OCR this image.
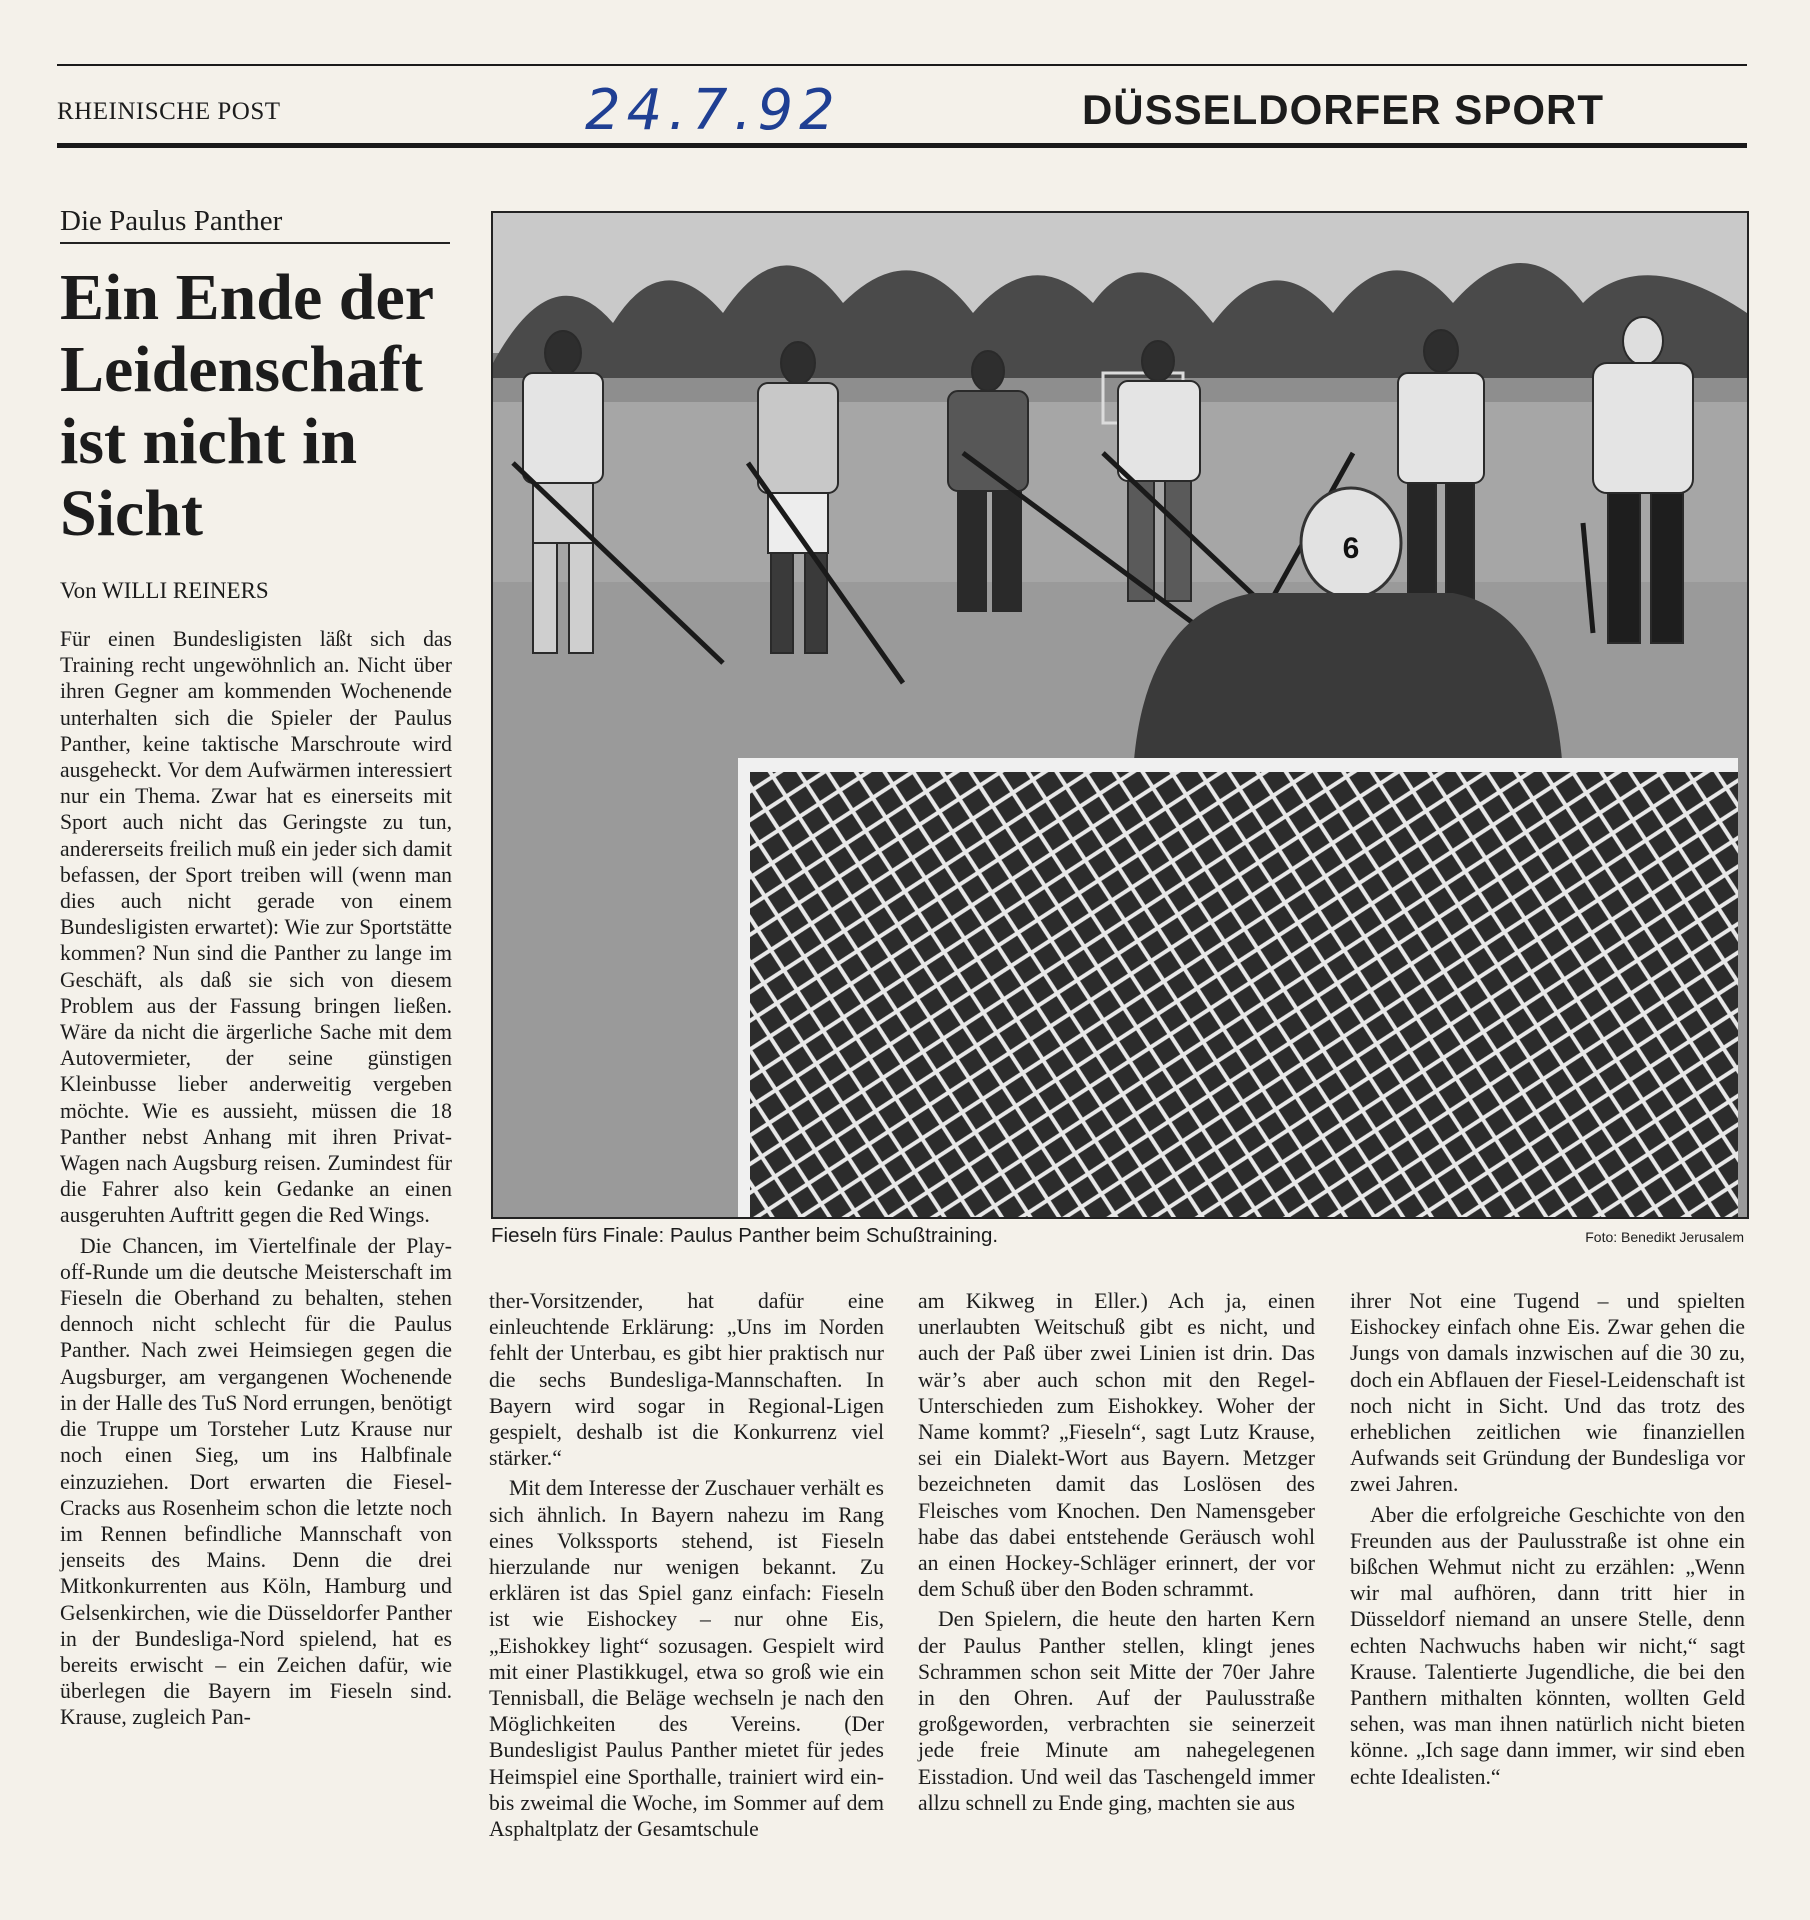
RHEINISCHE POST	24.7.92	DÜSSELDORFER SPORT
Die Paulus Panther
Ein Ende der Leidenschaft ist nicht in Sicht
Von WILLI REINERS

Für einen Bundesligisten läßt sich das Training recht ungewöhnlich an. Nicht über ihren Gegner am kommenden Wochenende unterhalten sich die Spieler der Paulus Panther, keine taktische Marschroute wird ausgeheckt. Vor dem Aufwärmen interessiert nur ein Thema. Zwar hat es einerseits mit Sport auch nicht das Geringste zu tun, andererseits freilich muß ein jeder sich damit befassen, der Sport treiben will (wenn man dies auch nicht gerade von einem Bundesligisten erwartet): Wie zur Sportstätte kommen? Nun sind die Panther zu lange im Geschäft, als daß sie sich von diesem Problem aus der Fassung bringen ließen. Wäre da nicht die ärgerliche Sache mit dem Autovermieter, der seine günstigen Kleinbusse lieber anderweitig vergeben möchte. Wie es aussieht, müssen die 18 Panther nebst Anhang mit ihren Privat-Wagen nach Augsburg reisen. Zumindest für die Fahrer also kein Gedanke an einen ausgeruhten Auftritt gegen die Red Wings.

Die Chancen, im Viertelfinale der Play-off-Runde um die deutsche Meisterschaft im Fieseln die Oberhand zu behalten, stehen dennoch nicht schlecht für die Paulus Panther. Nach zwei Heimsiegen gegen die Augsburger, am vergangenen Wochenende in der Halle des TuS Nord errungen, benötigt die Truppe um Torsteher Lutz Krause nur noch einen Sieg, um ins Halbfinale einzuziehen. Dort erwarten die Fiesel-Cracks aus Rosenheim schon die letzte noch im Rennen befindliche Mannschaft von jenseits des Mains. Denn die drei Mitkonkurrenten aus Köln, Hamburg und Gelsenkirchen, wie die Düsseldorfer Panther in der Bundesliga-Nord spielend, hat es bereits erwischt – ein Zeichen dafür, wie überlegen die Bayern im Fieseln sind. Krause, zugleich Pan-

6
Fieseln fürs Finale: Paulus Panther beim Schußtraining.	Foto: Benedikt Jerusalem

ther-Vorsitzender, hat dafür eine einleuchtende Erklärung: „Uns im Norden fehlt der Unterbau, es gibt hier praktisch nur die sechs Bundesliga-Mannschaften. In Bayern wird sogar in Regional-Ligen gespielt, deshalb ist die Konkurrenz viel stärker.“

Mit dem Interesse der Zuschauer verhält es sich ähnlich. In Bayern nahezu im Rang eines Volkssports stehend, ist Fieseln hierzulande nur wenigen bekannt. Zu erklären ist das Spiel ganz einfach: Fieseln ist wie Eishockey – nur ohne Eis, „Eishokkey light“ sozusagen. Gespielt wird mit einer Plastikkugel, etwa so groß wie ein Tennisball, die Beläge wechseln je nach den Möglichkeiten des Vereins. (Der Bundesligist Paulus Panther mietet für jedes Heimspiel eine Sporthalle, trainiert wird ein- bis zweimal die Woche, im Sommer auf dem Asphaltplatz der Gesamtschule

am Kikweg in Eller.) Ach ja, einen unerlaubten Weitschuß gibt es nicht, und auch der Paß über zwei Linien ist drin. Das wär’s aber auch schon mit den Regel-Unterschieden zum Eishokkey. Woher der Name kommt? „Fieseln“, sagt Lutz Krause, sei ein Dialekt-Wort aus Bayern. Metzger bezeichneten damit das Loslösen des Fleisches vom Knochen. Den Namensgeber habe das dabei entstehende Geräusch wohl an einen Hockey-Schläger erinnert, der vor dem Schuß über den Boden schrammt.

Den Spielern, die heute den harten Kern der Paulus Panther stellen, klingt jenes Schrammen schon seit Mitte der 70er Jahre in den Ohren. Auf der Paulusstraße großgeworden, verbrachten sie seinerzeit jede freie Minute am nahegelegenen Eisstadion. Und weil das Taschengeld immer allzu schnell zu Ende ging, machten sie aus

ihrer Not eine Tugend – und spielten Eishockey einfach ohne Eis. Zwar gehen die Jungs von damals inzwischen auf die 30 zu, doch ein Abflauen der Fiesel-Leidenschaft ist noch nicht in Sicht. Und das trotz des erheblichen zeitlichen wie finanziellen Aufwands seit Gründung der Bundesliga vor zwei Jahren.

Aber die erfolgreiche Geschichte von den Freunden aus der Paulusstraße ist ohne ein bißchen Wehmut nicht zu erzählen: „Wenn wir mal aufhören, dann tritt hier in Düsseldorf niemand an unsere Stelle, denn echten Nachwuchs haben wir nicht,“ sagt Krause. Talentierte Jugendliche, die bei den Panthern mithalten könnten, wollten Geld sehen, was man ihnen natürlich nicht bieten könne. „Ich sage dann immer, wir sind eben echte Idealisten.“
